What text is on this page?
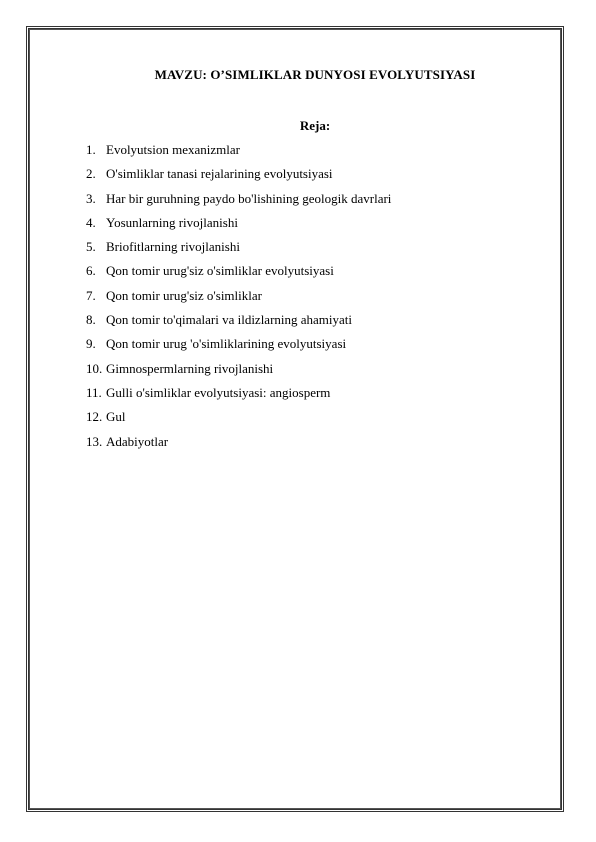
MAVZU: O’SIMLIKLAR DUNYOSI EVOLYUTSIYASI
Reja:
1. Evolyutsion mexanizmlar
2. O'simliklar tanasi rejalarining evolyutsiyasi
3. Har bir guruhning paydo bo'lishining geologik davrlari
4. Yosunlarning rivojlanishi
5. Briofitlarning rivojlanishi
6. Qon tomir urug'siz o'simliklar evolyutsiyasi
7. Qon tomir urug'siz o'simliklar
8. Qon tomir to'qimalari va ildizlarning ahamiyati
9. Qon tomir urug 'o'simliklarining evolyutsiyasi
10. Gimnospermlarning rivojlanishi
11. Gulli o'simliklar evolyutsiyasi: angiosperm
12. Gul
13. Adabiyotlar
